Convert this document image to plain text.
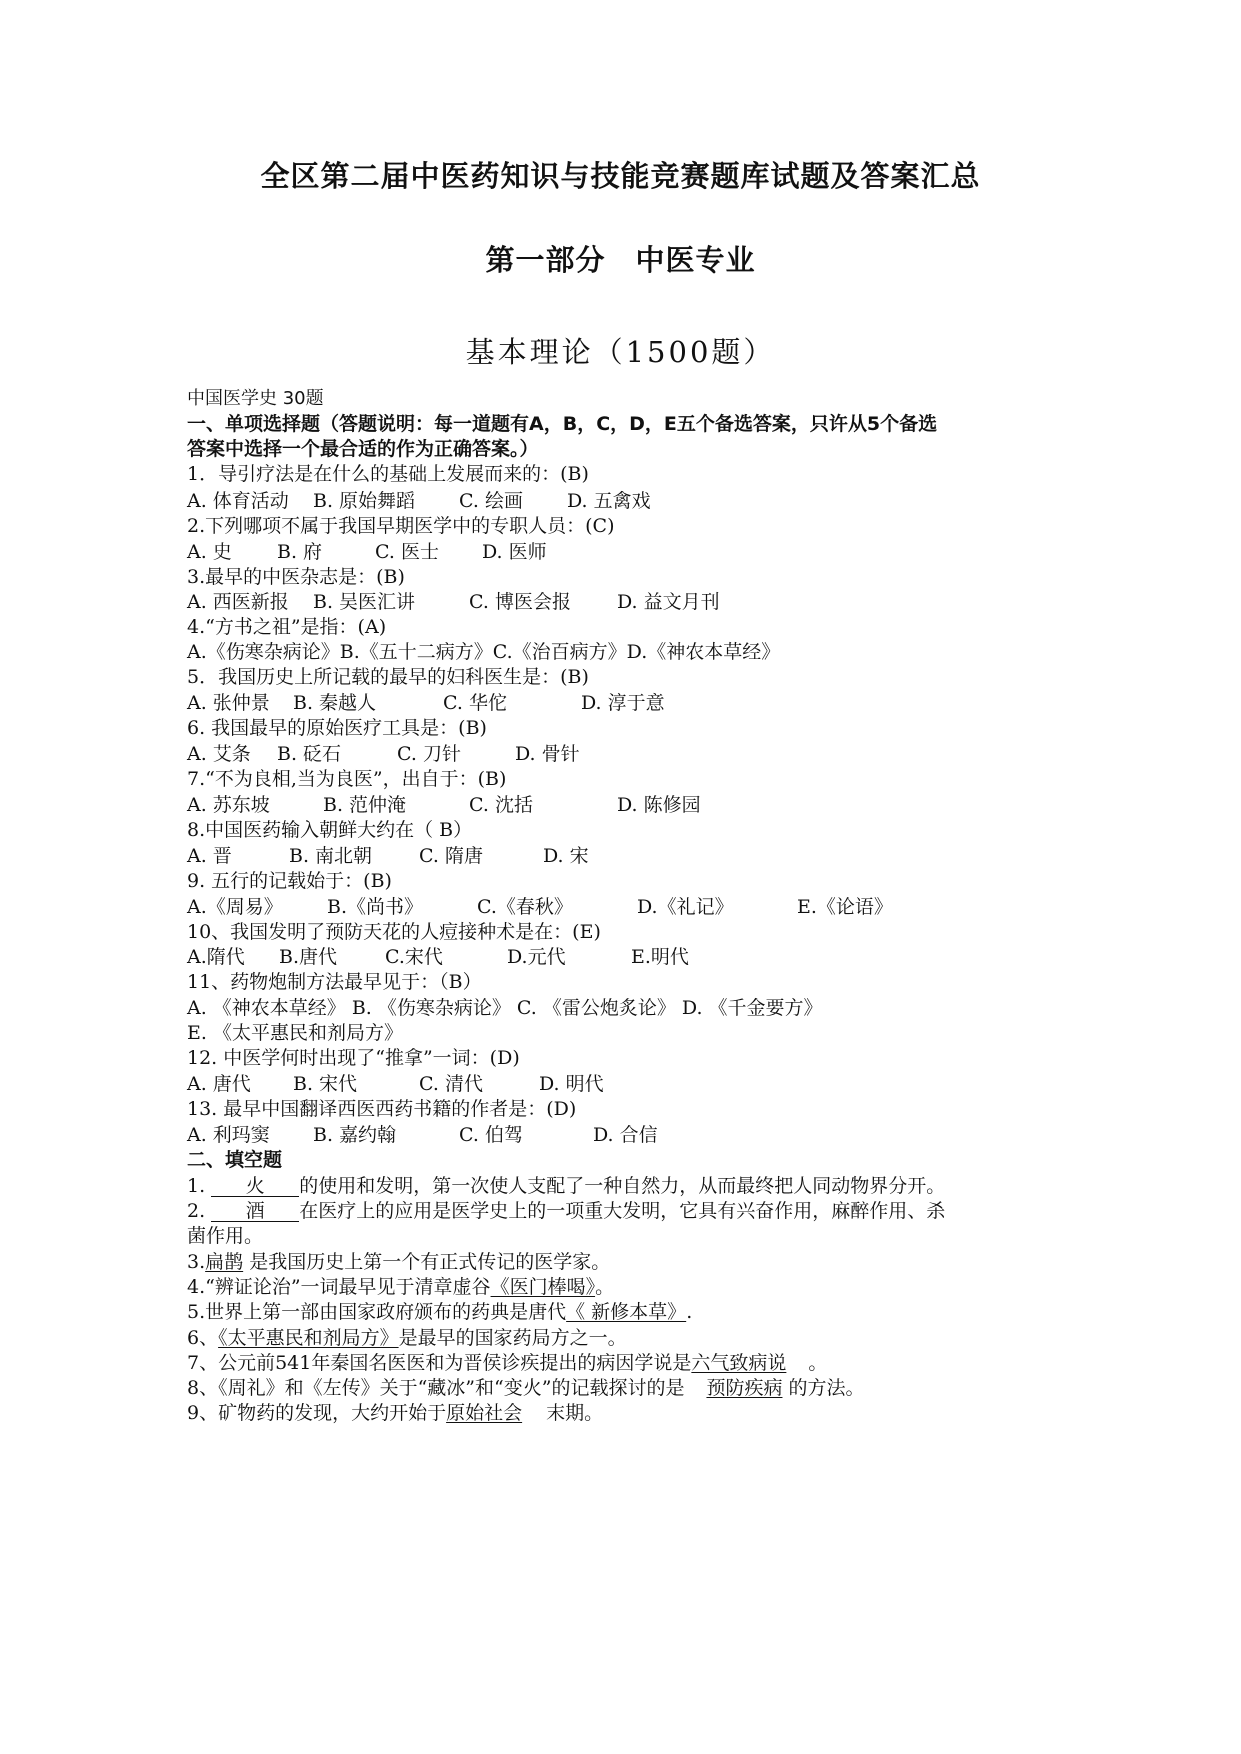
全区第二届中医药知识与技能竞赛题库试题及答案汇总
第一部分　中医专业
基本理论（1500题）
中国医学史 30题
一、单项选择题（答题说明：每一道题有A，B，C，D，E五个备选答案，只许从5个备选
答案中选择一个最合适的作为正确答案。）
1．导引疗法是在什么的基础上发展而来的：(B)
A. 体育活动 B. 原始舞蹈 C. 绘画 D. 五禽戏
2.下列哪项不属于我国早期医学中的专职人员：(C)
A. 史 B. 府	C. 医士 D. 医师
3.最早的中医杂志是：(B)
A. 西医新报 B. 吴医汇讲	C. 博医会报 D. 益文月刊
4.“方书之祖”是指：(A)
A.《伤寒杂病论》B.《五十二病方》C.《治百病方》D.《神农本草经》
5．我国历史上所记载的最早的妇科医生是：(B)
A. 张仲景 B. 秦越人	C. 华佗	D. 淳于意
6. 我国最早的原始医疗工具是：(B)
A. 艾条 B. 砭石	C. 刀针	D. 骨针
7.“不为良相,当为良医”，出自于：(B)
A. 苏东坡	B. 范仲淹	C. 沈括	D. 陈修园
8.中国医药输入朝鲜大约在（ B）
A. 晋	B. 南北朝 C. 隋唐	D. 宋
9. 五行的记载始于：(B)
A.《周易》 B.《尚书》	C.《春秋》	D.《礼记》	E.《论语》
10、我国发明了预防天花的人痘接种术是在：(E)
A.隋代 B.唐代	C.宋代	D.元代	E.明代
11、药物炮制方法最早见于：（B）
A. 《神农本草经》 B. 《伤寒杂病论》 C. 《雷公炮炙论》 D. 《千金要方》
E. 《太平惠民和剂局方》
12. 中医学何时出现了“推拿”一词：(D)
A. 唐代 B. 宋代	C. 清代	D. 明代
13. 最早中国翻译西医西药书籍的作者是：(D)
A. 利玛窦 B. 嘉约翰	C. 伯驾	D. 合信
二、填空题
1. 火 的使用和发明，第一次使人支配了一种自然力，从而最终把人同动物界分开。
2. 酒 在医疗上的应用是医学史上的一项重大发明，它具有兴奋作用，麻醉作用、杀
菌作用。
3.扁鹊 是我国历史上第一个有正式传记的医学家。
4.“辨证论治”一词最早见于清章虚谷《医门棒喝》。
5.世界上第一部由国家政府颁布的药典是唐代《 新修本草》.
6、《太平惠民和剂局方》是最早的国家药局方之一。
7、公元前541年秦国名医医和为晋侯诊疾提出的病因学说是六气致病说 。
8、《周礼》和《左传》关于“藏冰”和“变火”的记载探讨的是 预防疾病 的方法。
9、矿物药的发现，大约开始于原始社会 末期。
